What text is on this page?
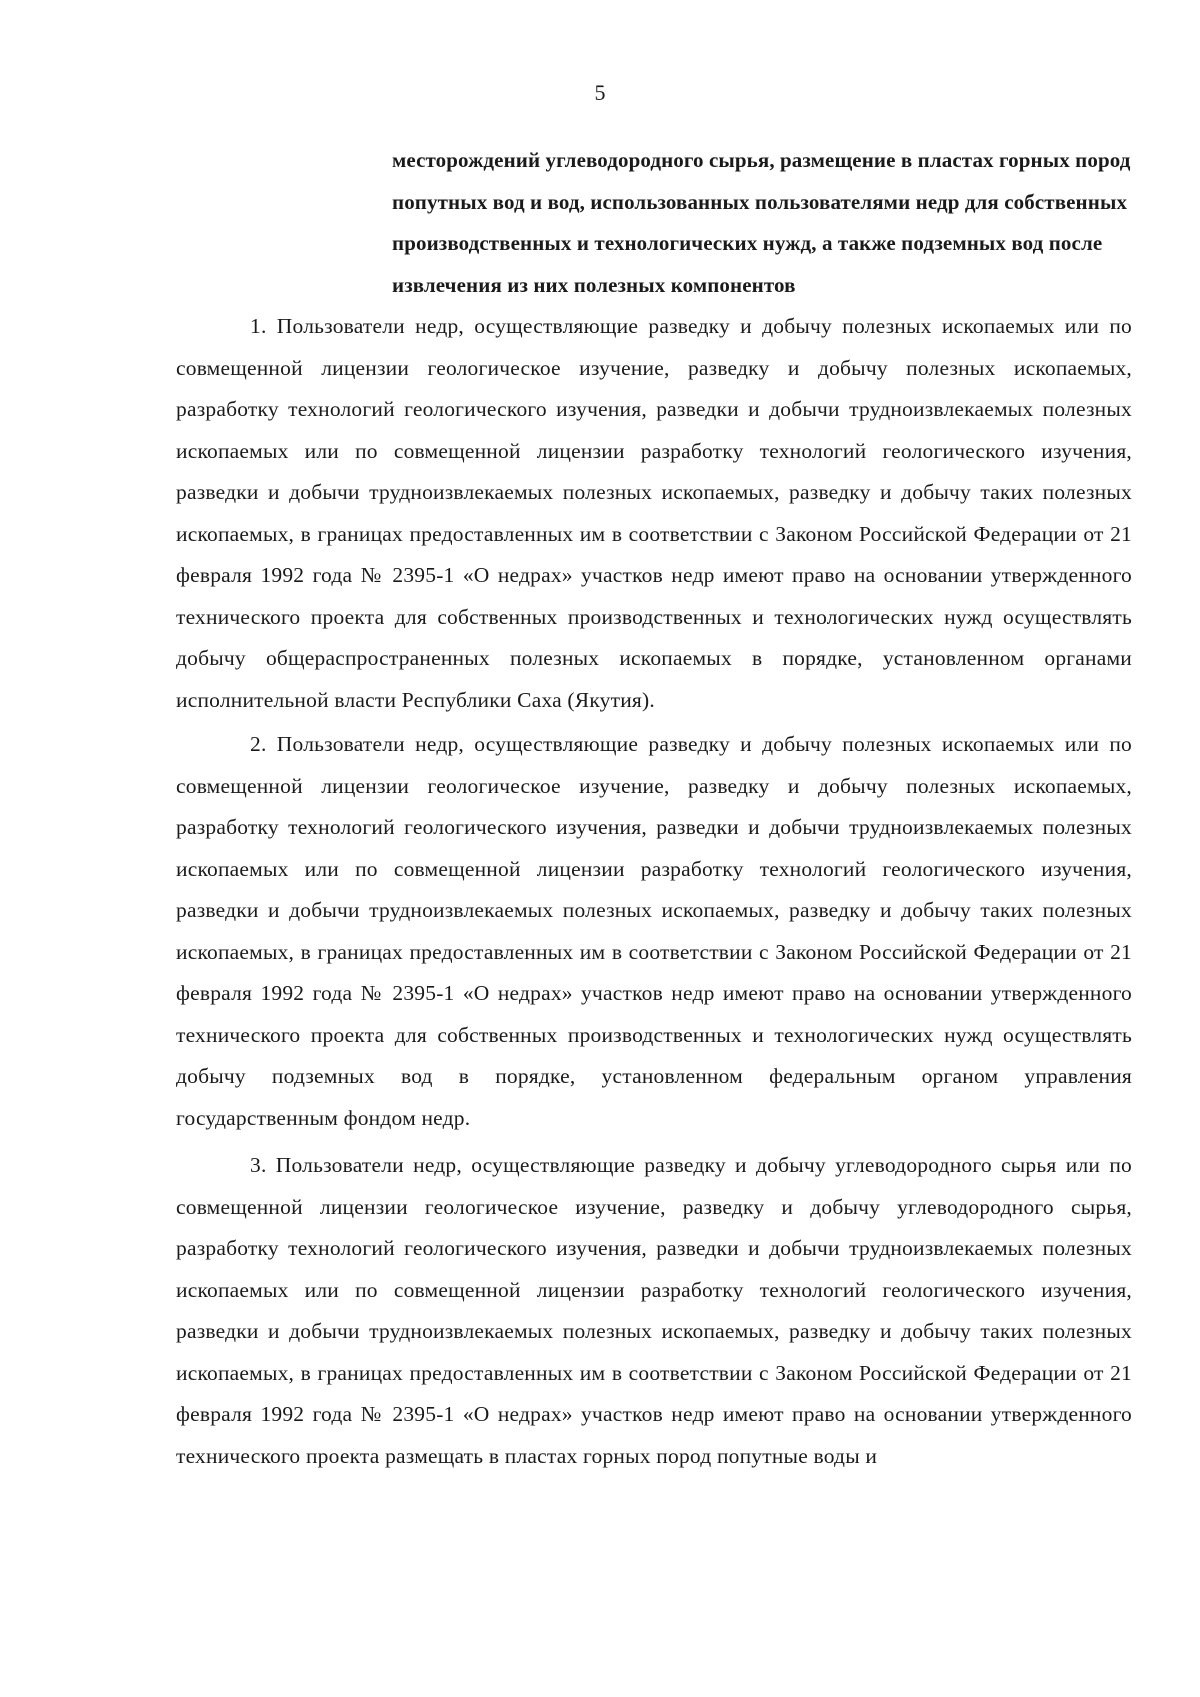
5
месторождений углеводородного сырья, размещение в пластах горных пород попутных вод и вод, использованных пользователями недр для собственных производственных и технологических нужд, а также подземных вод после извлечения из них полезных компонентов

1. Пользователи недр, осуществляющие разведку и добычу полезных ископаемых или по совмещенной лицензии геологическое изучение, разведку и добычу полезных ископаемых, разработку технологий геологического изучения, разведки и добычи трудноизвлекаемых полезных ископаемых или по совмещенной лицензии разработку технологий геологического изучения, разведки и добычи трудноизвлекаемых полезных ископаемых, разведку и добычу таких полезных ископаемых, в границах предоставленных им в соответствии с Законом Российской Федерации от 21 февраля 1992 года № 2395-1 «О недрах» участков недр имеют право на основании утвержденного технического проекта для собственных производственных и технологических нужд осуществлять добычу общераспространенных полезных ископаемых в порядке, установленном органами исполнительной власти Республики Саха (Якутия).

2. Пользователи недр, осуществляющие разведку и добычу полезных ископаемых или по совмещенной лицензии геологическое изучение, разведку и добычу полезных ископаемых, разработку технологий геологического изучения, разведки и добычи трудноизвлекаемых полезных ископаемых или по совмещенной лицензии разработку технологий геологического изучения, разведки и добычи трудноизвлекаемых полезных ископаемых, разведку и добычу таких полезных ископаемых, в границах предоставленных им в соответствии с Законом Российской Федерации от 21 февраля 1992 года № 2395-1 «О недрах» участков недр имеют право на основании утвержденного технического проекта для собственных производственных и технологических нужд осуществлять добычу подземных вод в порядке, установленном федеральным органом управления государственным фондом недр.

3. Пользователи недр, осуществляющие разведку и добычу углеводородного сырья или по совмещенной лицензии геологическое изучение, разведку и добычу углеводородного сырья, разработку технологий геологического изучения, разведки и добычи трудноизвлекаемых полезных ископаемых или по совмещенной лицензии разработку технологий геологического изучения, разведки и добычи трудноизвлекаемых полезных ископаемых, разведку и добычу таких полезных ископаемых, в границах предоставленных им в соответствии с Законом Российской Федерации от 21 февраля 1992 года № 2395-1 «О недрах» участков недр имеют право на основании утвержденного технического проекта размещать в пластах горных пород попутные воды и
